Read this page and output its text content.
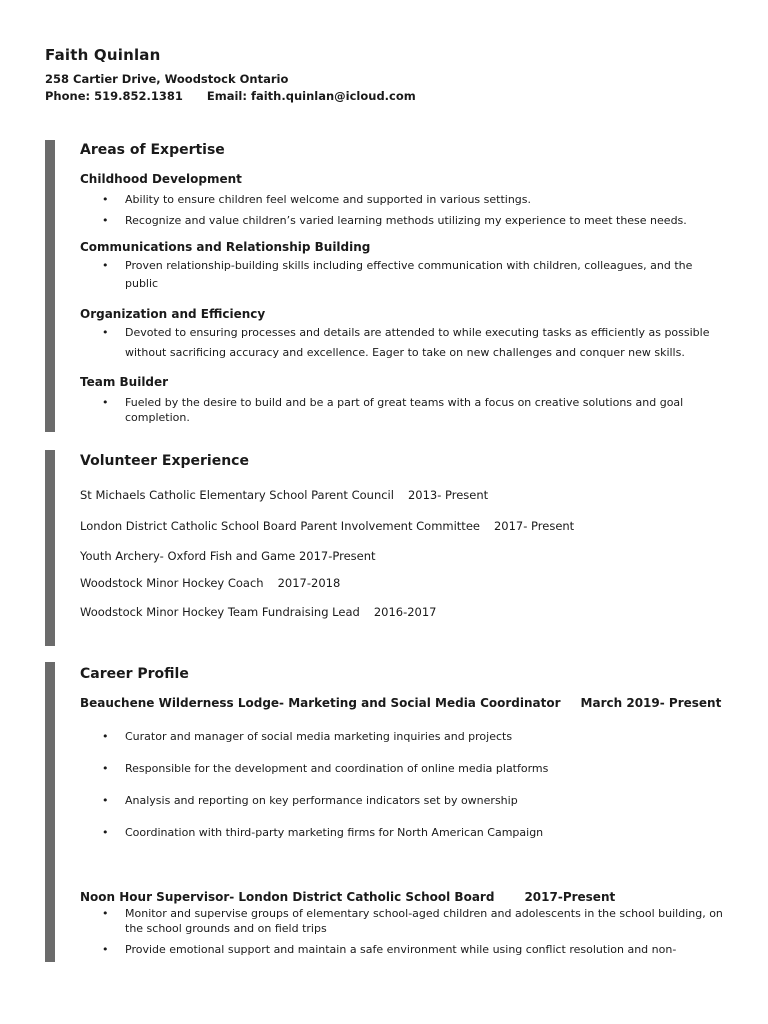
Faith Quinlan
258 Cartier Drive, Woodstock Ontario
Phone: 519.852.1381 Email: faith.quinlan@icloud.com
Areas of Expertise
Childhood Development
• Ability to ensure children feel welcome and supported in various settings.
• Recognize and value children’s varied learning methods utilizing my experience to meet these needs.
Communications and Relationship Building
• Proven relationship-building skills including effective communication with children, colleagues, and the public
Organization and Efficiency
• Devoted to ensuring processes and details are attended to while executing tasks as efficiently as possible without sacrificing accuracy and excellence. Eager to take on new challenges and conquer new skills.
Team Builder
• Fueled by the desire to build and be a part of great teams with a focus on creative solutions and goal completion.
Volunteer Experience
St Michaels Catholic Elementary School Parent Council 2013- Present
London District Catholic School Board Parent Involvement Committee 2017- Present
Youth Archery- Oxford Fish and Game 2017-Present
Woodstock Minor Hockey Coach 2017-2018
Woodstock Minor Hockey Team Fundraising Lead 2016-2017
Career Profile
Beauchene Wilderness Lodge- Marketing and Social Media Coordinator March 2019- Present
• Curator and manager of social media marketing inquiries and projects
• Responsible for the development and coordination of online media platforms
• Analysis and reporting on key performance indicators set by ownership
• Coordination with third-party marketing firms for North American Campaign
Noon Hour Supervisor- London District Catholic School Board	2017-Present
• Monitor and supervise groups of elementary school-aged children and adolescents in the school building, on the school grounds and on field trips
• Provide emotional support and maintain a safe environment while using conflict resolution and non-
